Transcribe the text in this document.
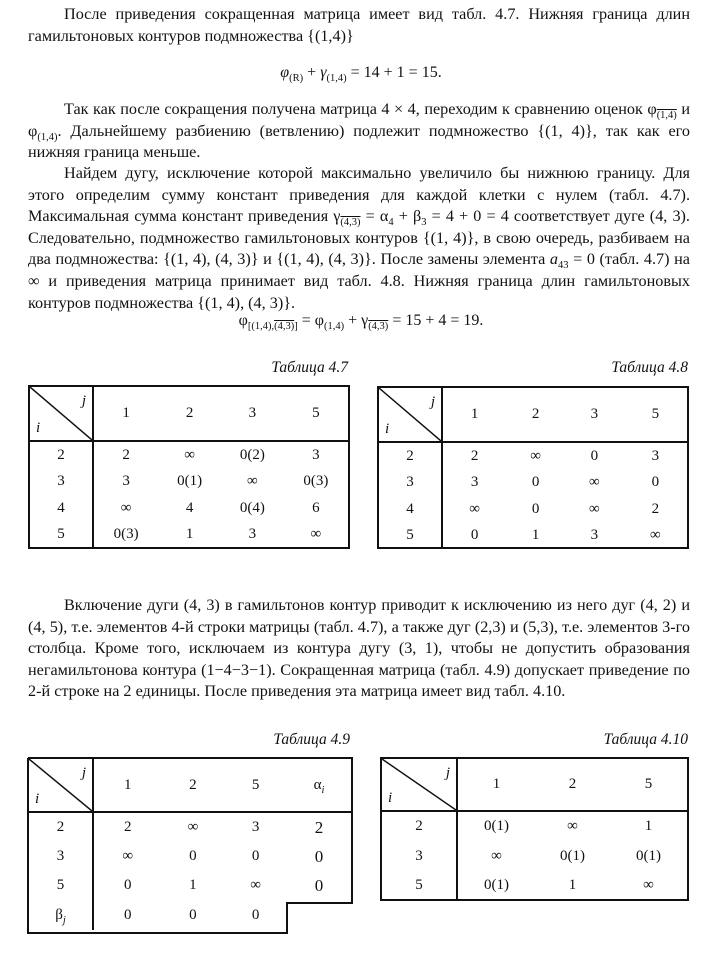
После приведения сокращенная матрица имеет вид табл. 4.7. Нижняя граница длин гамильтоновых контуров подмножества {(1,4)}

$\varphi_{(R)} + \gamma_{(1,4)} = 14 + 1 = 15$.

Так как после сокращения получена матрица 4 × 4, переходим к сравнению оценок $\varphi_{(1,4)}$ и $\varphi_{(1,4)}$. Дальнейшему разбиению (ветвлению) подлежит подмножество {(1, 4)}, так как его нижняя граница меньше.

Найдем дугу, исключение которой максимально увеличило бы нижнюю границу. Для этого определим сумму констант приведения для каждой клетки с нулем (табл. 4.7). Максимальная сумма констант приведения $\gamma_{(4,3)} = \alpha_4 + \beta_3 = 4 + 0 = 4$ соответствует дуге (4, 3). Следовательно, подмножество гамильтоновых контуров {(1, 4)}, в свою очередь, разбиваем на два подмножества: {(1, 4), (4, 3)} и {(1, 4), (4, 3)}. После замены элемента $a_{43} = 0$ (табл. 4.7) на ∞ и приведения матрица принимает вид табл. 4.8. Нижняя граница длин гамильтоновых контуров подмножества {(1, 4), (4, 3)}.

$\varphi_{[(1,4),(4,3)]} = \varphi_{(1,4)} + \gamma_{(4,3)} = 15 + 4 = 19$.
Таблица 4.7
j
i	1	2	3	5
2	2	∞	0(2)	3
3	3	0(1)	∞	0(3)
4	∞	4	0(4)	6
5	0(3)	1	3	∞
Таблица 4.8
j
i	1	2	3	5
2	2	∞	0	3
3	3	0	∞	0
4	∞	0	∞	2
5	0	1	3	∞

Включение дуги (4, 3) в гамильтонов контур приводит к исключению из него дуг (4, 2) и (4, 5), т.е. элементов 4-й строки матрицы (табл. 4.7), а также дуг (2,3) и (5,3), т.е. элементов 3-го столбца. Кроме того, исключаем из контура дугу (3, 1), чтобы не допустить образования негамильтонова контура (1−4−3−1). Сокращенная матрица (табл. 4.9) допускает приведение по 2-й строке на 2 единицы. После приведения эта матрица имеет вид табл. 4.10.

Таблица 4.9
j
i	1	2	5	$\alpha_i$
2	2	∞	3	2
3	∞	0	0	0
5	0	1	∞	0
$\beta_j$	0	0	0	
Таблица 4.10
j
i	1	2	5
2	0(1)	∞	1
3	∞	0(1)	0(1)
5	0(1)	1	∞
